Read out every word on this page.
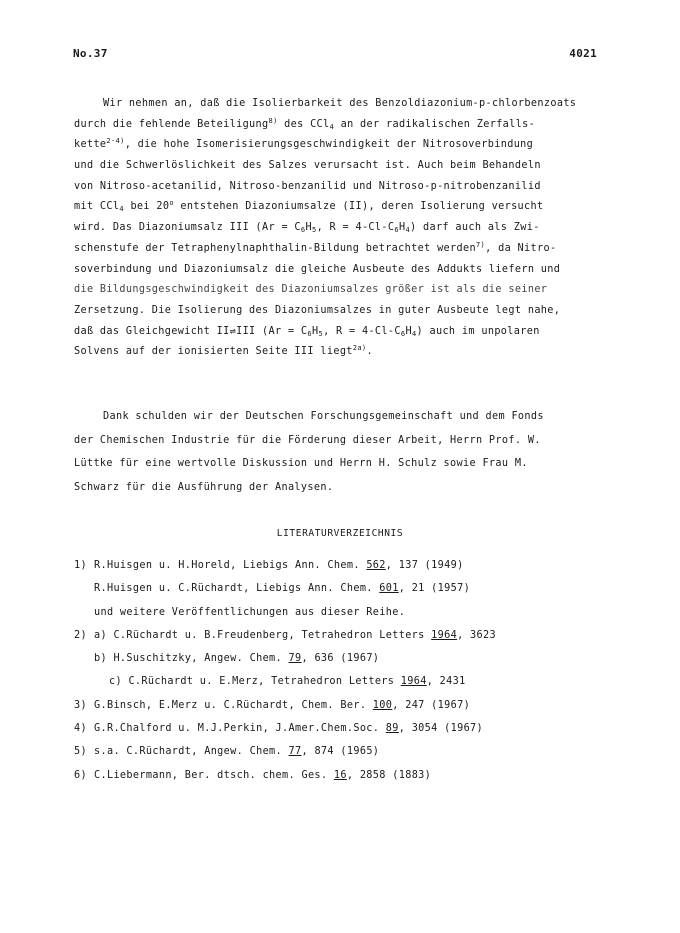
No.37	4021
Wir nehmen an, daß die Isolierbarkeit des Benzoldiazonium-p-chlorbenzoats
durch die fehlende Beteiligung$^{8)}$ des CCl$_4$ an der radikalischen Zerfalls-
kette$^{2-4)}$, die hohe Isomerisierungsgeschwindigkeit der Nitrosoverbindung
und die Schwerlöslichkeit des Salzes verursacht ist. Auch beim Behandeln
von Nitroso-acetanilid, Nitroso-benzanilid und Nitroso-p-nitrobenzanilid
mit CCl$_4$ bei 20$^o$ entstehen Diazoniumsalze (II), deren Isolierung versucht
wird. Das Diazoniumsalz III ($Ar = C_6H_5$, $R = 4-Cl-C_6H_4$) darf auch als Zwi-
schenstufe der Tetraphenylnaphthalin-Bildung betrachtet werden$^{7)}$, da Nitro-
soverbindung und Diazoniumsalz die gleiche Ausbeute des Addukts liefern und
die Bildungsgeschwindigkeit des Diazoniumsalzes größer ist als die seiner
Zersetzung. Die Isolierung des Diazoniumsalzes in guter Ausbeute legt nahe,
daß das Gleichgewicht II⇌III ($Ar = C_6H_5$, $R = 4-Cl-C_6H_4$) auch im unpolaren
Solvens auf der ionisierten Seite III liegt$^{2a)}$.
Dank schulden wir der Deutschen Forschungsgemeinschaft und dem Fonds
der Chemischen Industrie für die Förderung dieser Arbeit, Herrn Prof. W.
Lüttke für eine wertvolle Diskussion und Herrn H. Schulz sowie Frau M.
Schwarz für die Ausführung der Analysen.
LITERATURVERZEICHNIS
1) R.Huisgen u. H.Horeld, Liebigs Ann. Chem. 562, 137 (1949)
R.Huisgen u. C.Rüchardt, Liebigs Ann. Chem. 601, 21 (1957)
und weitere Veröffentlichungen aus dieser Reihe.
2) a) C.Rüchardt u. B.Freudenberg, Tetrahedron Letters 1964, 3623
b) H.Suschitzky, Angew. Chem. 79, 636 (1967)
c) C.Rüchardt u. E.Merz, Tetrahedron Letters 1964, 2431
3) G.Binsch, E.Merz u. C.Rüchardt, Chem. Ber. 100, 247 (1967)
4) G.R.Chalford u. M.J.Perkin, J.Amer.Chem.Soc. 89, 3054 (1967)
5) s.a. C.Rüchardt, Angew. Chem. 77, 874 (1965)
6) C.Liebermann, Ber. dtsch. chem. Ges. 16, 2858 (1883)
